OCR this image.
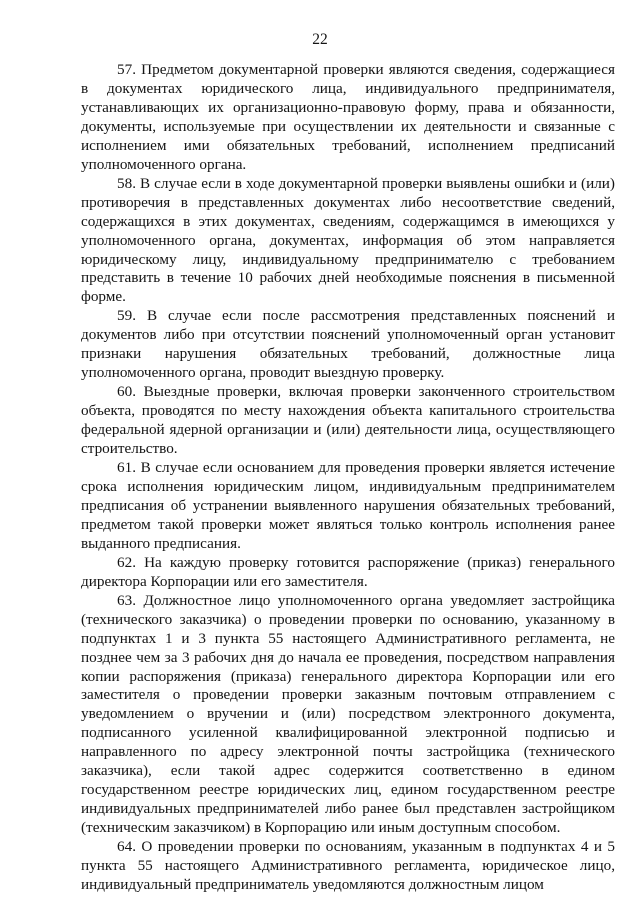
22

57. Предметом документарной проверки являются сведения, содержащиеся в документах юридического лица, индивидуального предпринимателя, устанавливающих их организационно-правовую форму, права и обязанности, документы, используемые при осуществлении их деятельности и связанные с исполнением ими обязательных требований, исполнением предписаний уполномоченного органа.

58. В случае если в ходе документарной проверки выявлены ошибки и (или) противоречия в представленных документах либо несоответствие сведений, содержащихся в этих документах, сведениям, содержащимся в имеющихся у уполномоченного органа, документах, информация об этом направляется юридическому лицу, индивидуальному предпринимателю с требованием представить в течение 10 рабочих дней необходимые пояснения в письменной форме.

59. В случае если после рассмотрения представленных пояснений и документов либо при отсутствии пояснений уполномоченный орган установит признаки нарушения обязательных требований, должностные лица уполномоченного органа, проводит выездную проверку.

60. Выездные проверки, включая проверки законченного строительством объекта, проводятся по месту нахождения объекта капитального строительства федеральной ядерной организации и (или) деятельности лица, осуществляющего строительство.

61. В случае если основанием для проведения проверки является истечение срока исполнения юридическим лицом, индивидуальным предпринимателем предписания об устранении выявленного нарушения обязательных требований, предметом такой проверки может являться только контроль исполнения ранее выданного предписания.

62. На каждую проверку готовится распоряжение (приказ) генерального директора Корпорации или его заместителя.

63. Должностное лицо уполномоченного органа уведомляет застройщика (технического заказчика) о проведении проверки по основанию, указанному в подпунктах 1 и 3 пункта 55 настоящего Административного регламента, не позднее чем за 3 рабочих дня до начала ее проведения, посредством направления копии распоряжения (приказа) генерального директора Корпорации или его заместителя о проведении проверки заказным почтовым отправлением с уведомлением о вручении и (или) посредством электронного документа, подписанного усиленной квалифицированной электронной подписью и направленного по адресу электронной почты застройщика (технического заказчика), если такой адрес содержится соответственно в едином государственном реестре юридических лиц, едином государственном реестре индивидуальных предпринимателей либо ранее был представлен застройщиком (техническим заказчиком) в Корпорацию или иным доступным способом.

64. О проведении проверки по основаниям, указанным в подпунктах 4 и 5 пункта 55 настоящего Административного регламента, юридическое лицо, индивидуальный предприниматель уведомляются должностным лицом
